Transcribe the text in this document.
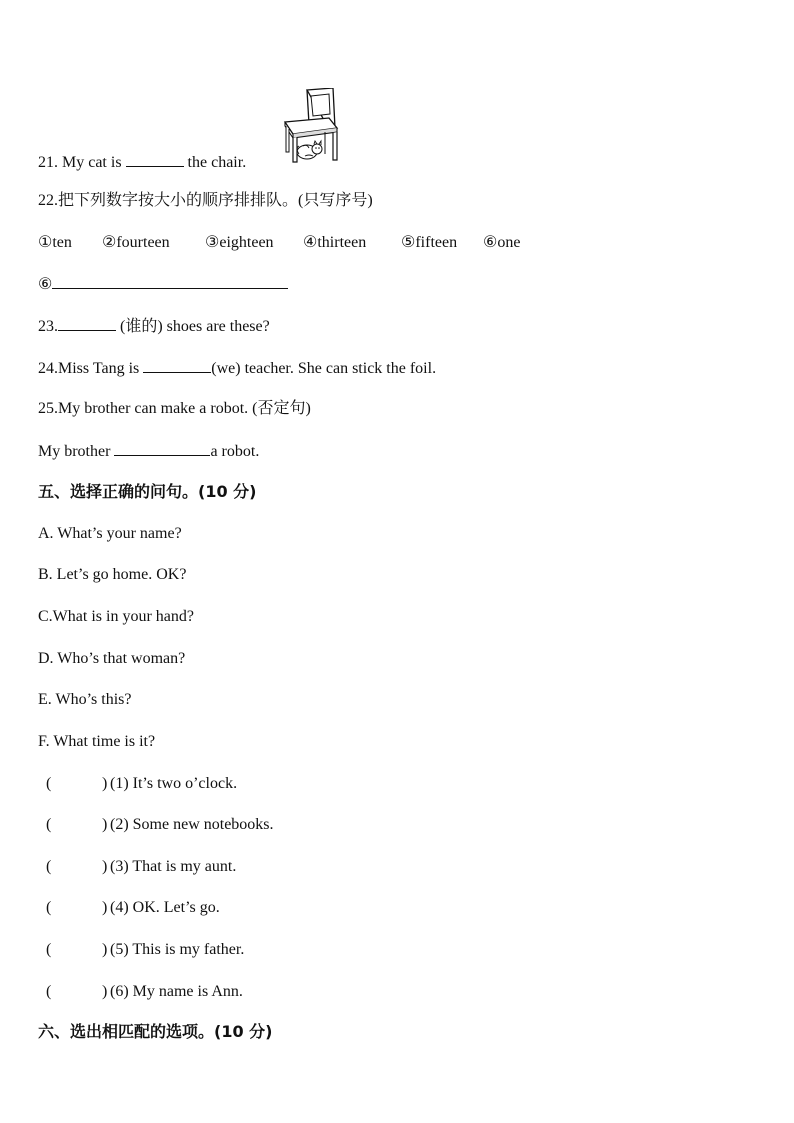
21. My cat is	the chair.
22.把下列数字按大小的顺序排排队。(只写序号)
①ten ②fourteen ③eighteen ④thirteen ⑤fifteen ⑥one
⑥
23.	(谁的) shoes are these?
24.Miss Tang is	(we) teacher. She can stick the foil.
25.My brother can make a robot. (否定句)
My brother	a robot.
五、选择正确的问句。(10 分)
A. What’s your name?
B. Let’s go home. OK?
C.What is in your hand?
D. Who’s that woman?
E. Who’s this?
F. What time is it?
(	) (1) It’s two o’clock.
(	) (2) Some new notebooks.
(	) (3) That is my aunt.
(	) (4) OK. Let’s go.
(	) (5) This is my father.
(	) (6) My name is Ann.
六、选出相匹配的选项。(10 分)
